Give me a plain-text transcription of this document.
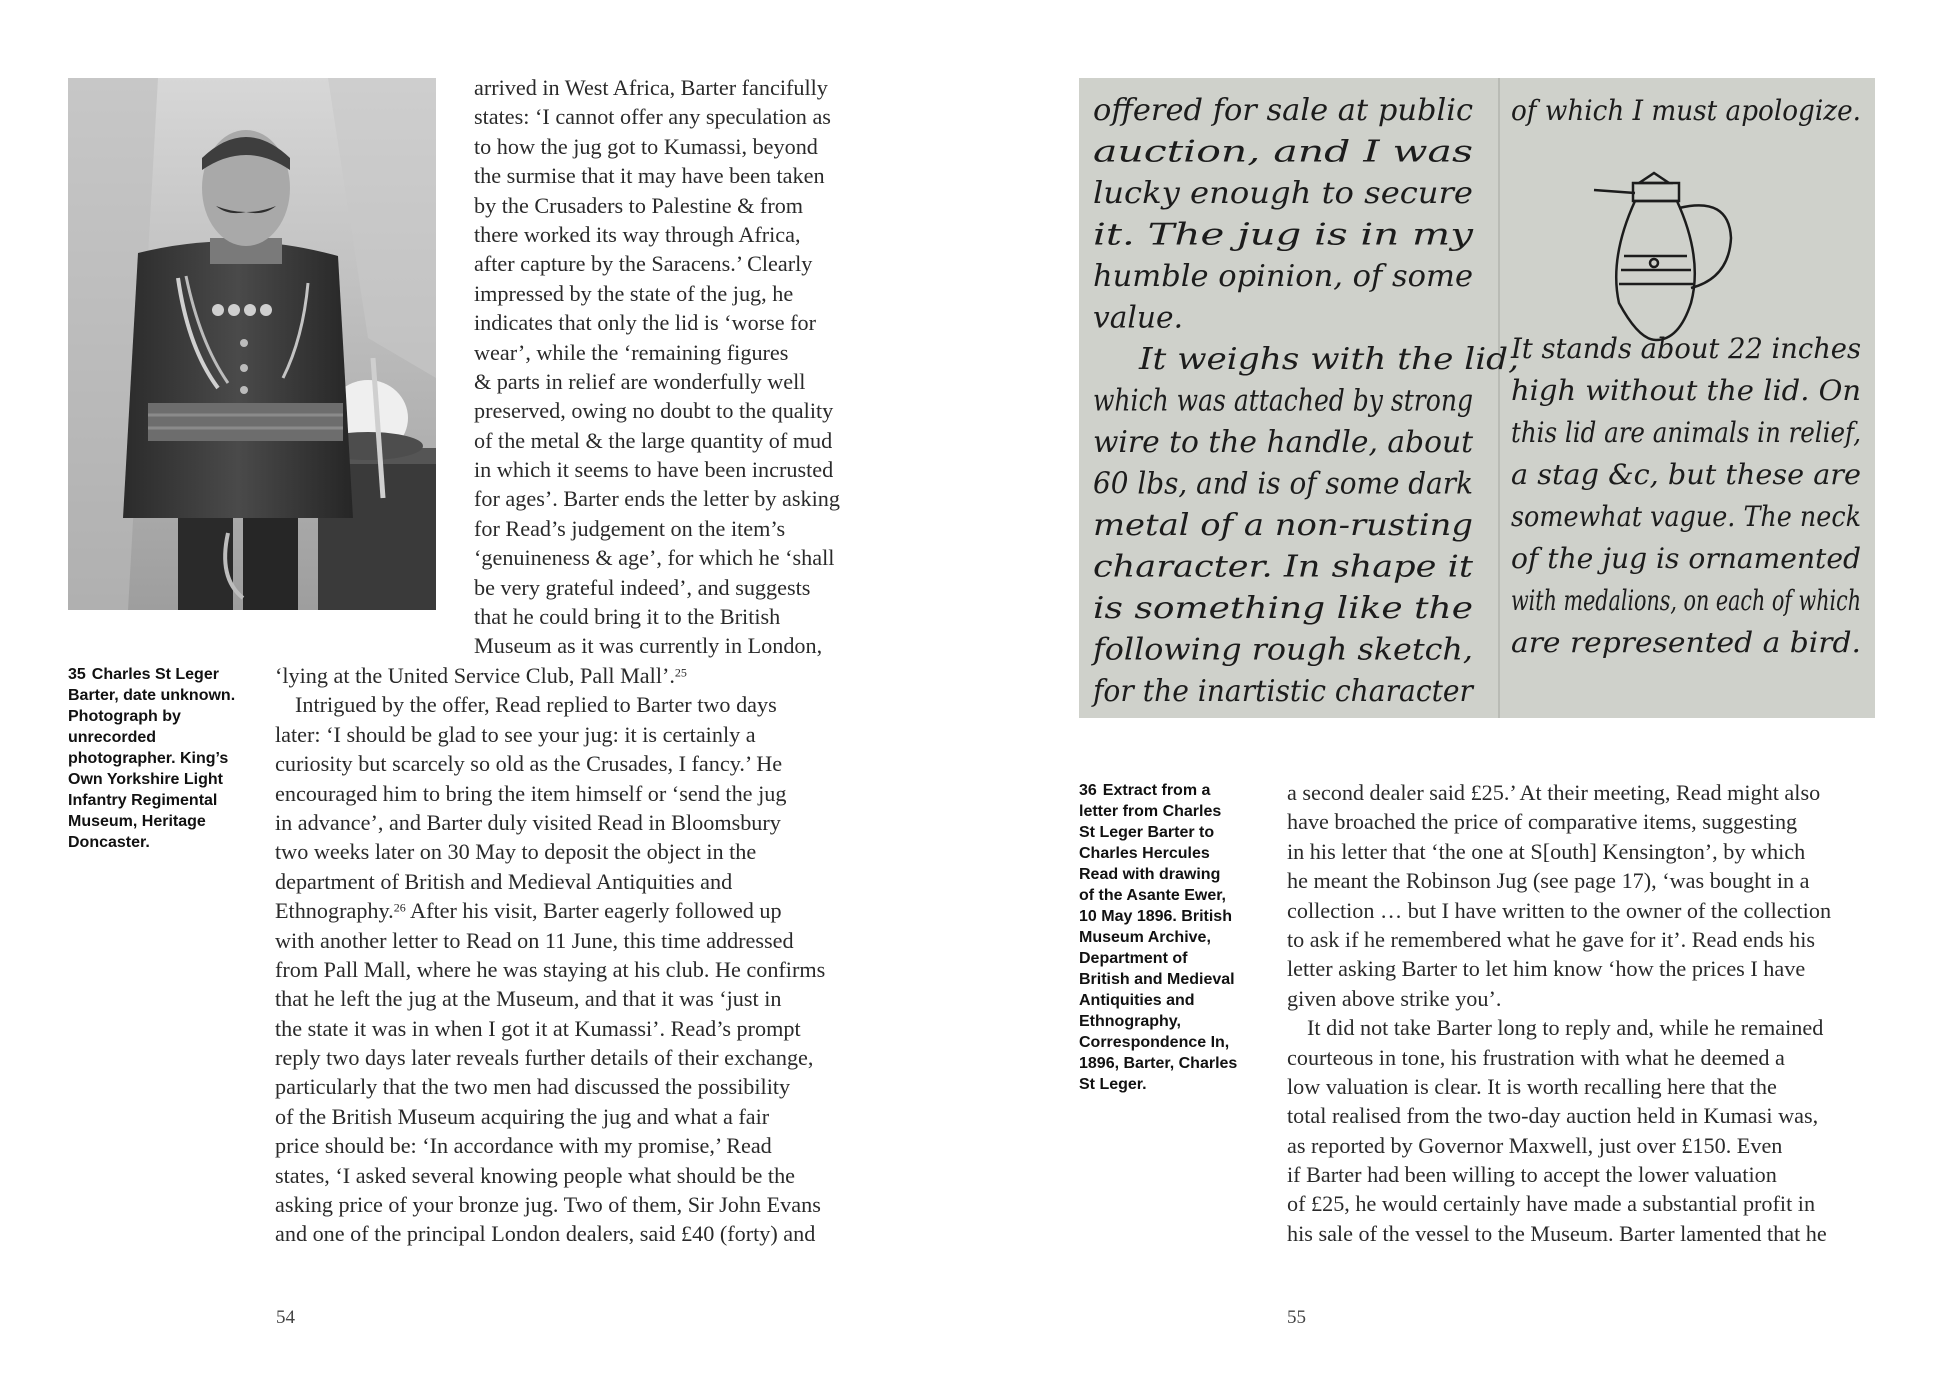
35 Charles St Leger Barter, date unknown. Photograph by unrecorded photographer. King’s Own Yorkshire Light Infantry Regimental Museum, Heritage Doncaster.

arrived in West Africa, Barter fancifully
states: ‘I cannot offer any speculation as
to how the jug got to Kumassi, beyond
the surmise that it may have been taken
by the Crusaders to Palestine & from
there worked its way through Africa,
after capture by the Saracens.’ Clearly
impressed by the state of the jug, he
indicates that only the lid is ‘worse for
wear’, while the ‘remaining figures
& parts in relief are wonderfully well
preserved, owing no doubt to the quality
of the metal & the large quantity of mud
in which it seems to have been incrusted
for ages’. Barter ends the letter by asking
for Read’s judgement on the item’s
‘genuineness & age’, for which he ‘shall
be very grateful indeed’, and suggests
that he could bring it to the British
Museum as it was currently in London,
‘lying at the United Service Club, Pall Mall’.$^{25}$
Intrigued by the offer, Read replied to Barter two days
later: ‘I should be glad to see your jug: it is certainly a
curiosity but scarcely so old as the Crusades, I fancy.’ He
encouraged him to bring the item himself or ‘send the jug
in advance’, and Barter duly visited Read in Bloomsbury
two weeks later on 30 May to deposit the object in the
department of British and Medieval Antiquities and
Ethnography.$^{26}$ After his visit, Barter eagerly followed up
with another letter to Read on 11 June, this time addressed
from Pall Mall, where he was staying at his club. He confirms
that he left the jug at the Museum, and that it was ‘just in
the state it was in when I got it at Kumassi’. Read’s prompt
reply two days later reveals further details of their exchange,
particularly that the two men had discussed the possibility
of the British Museum acquiring the jug and what a fair
price should be: ‘In accordance with my promise,’ Read
states, ‘I asked several knowing people what should be the
asking price of your bronze jug. Two of them, Sir John Evans
and one of the principal London dealers, said £40 (forty) and
54
offered for sale at public
auction, and I was
lucky enough to secure
it. The jug is in my
humble opinion, of some
value.
It weighs with the lid,
which was attached by strong
wire to the handle, about
60 lbs, and is of some dark
metal of a non-rusting
character. In shape it
is something like the
following rough sketch,
for the inartistic character
of which I must apologize.
It stands about 22 inches
high without the lid. On
this lid are animals in relief,
a stag &c, but these are
somewhat vague. The neck
of the jug is ornamented
with medalions, on each of which
are represented a bird.

36 Extract from a letter from Charles St Leger Barter to Charles Hercules Read with drawing of the Asante Ewer, 10 May 1896. British Museum Archive, Department of British and Medieval Antiquities and Ethnography, Correspondence In, 1896, Barter, Charles St Leger.

a second dealer said £25.’ At their meeting, Read might also
have broached the price of comparative items, suggesting
in his letter that ‘the one at S[outh] Kensington’, by which
he meant the Robinson Jug (see page 17), ‘was bought in a
collection … but I have written to the owner of the collection
to ask if he remembered what he gave for it’. Read ends his
letter asking Barter to let him know ‘how the prices I have
given above strike you’.
It did not take Barter long to reply and, while he remained
courteous in tone, his frustration with what he deemed a
low valuation is clear. It is worth recalling here that the
total realised from the two-day auction held in Kumasi was,
as reported by Governor Maxwell, just over £150. Even
if Barter had been willing to accept the lower valuation
of £25, he would certainly have made a substantial profit in
his sale of the vessel to the Museum. Barter lamented that he
55
